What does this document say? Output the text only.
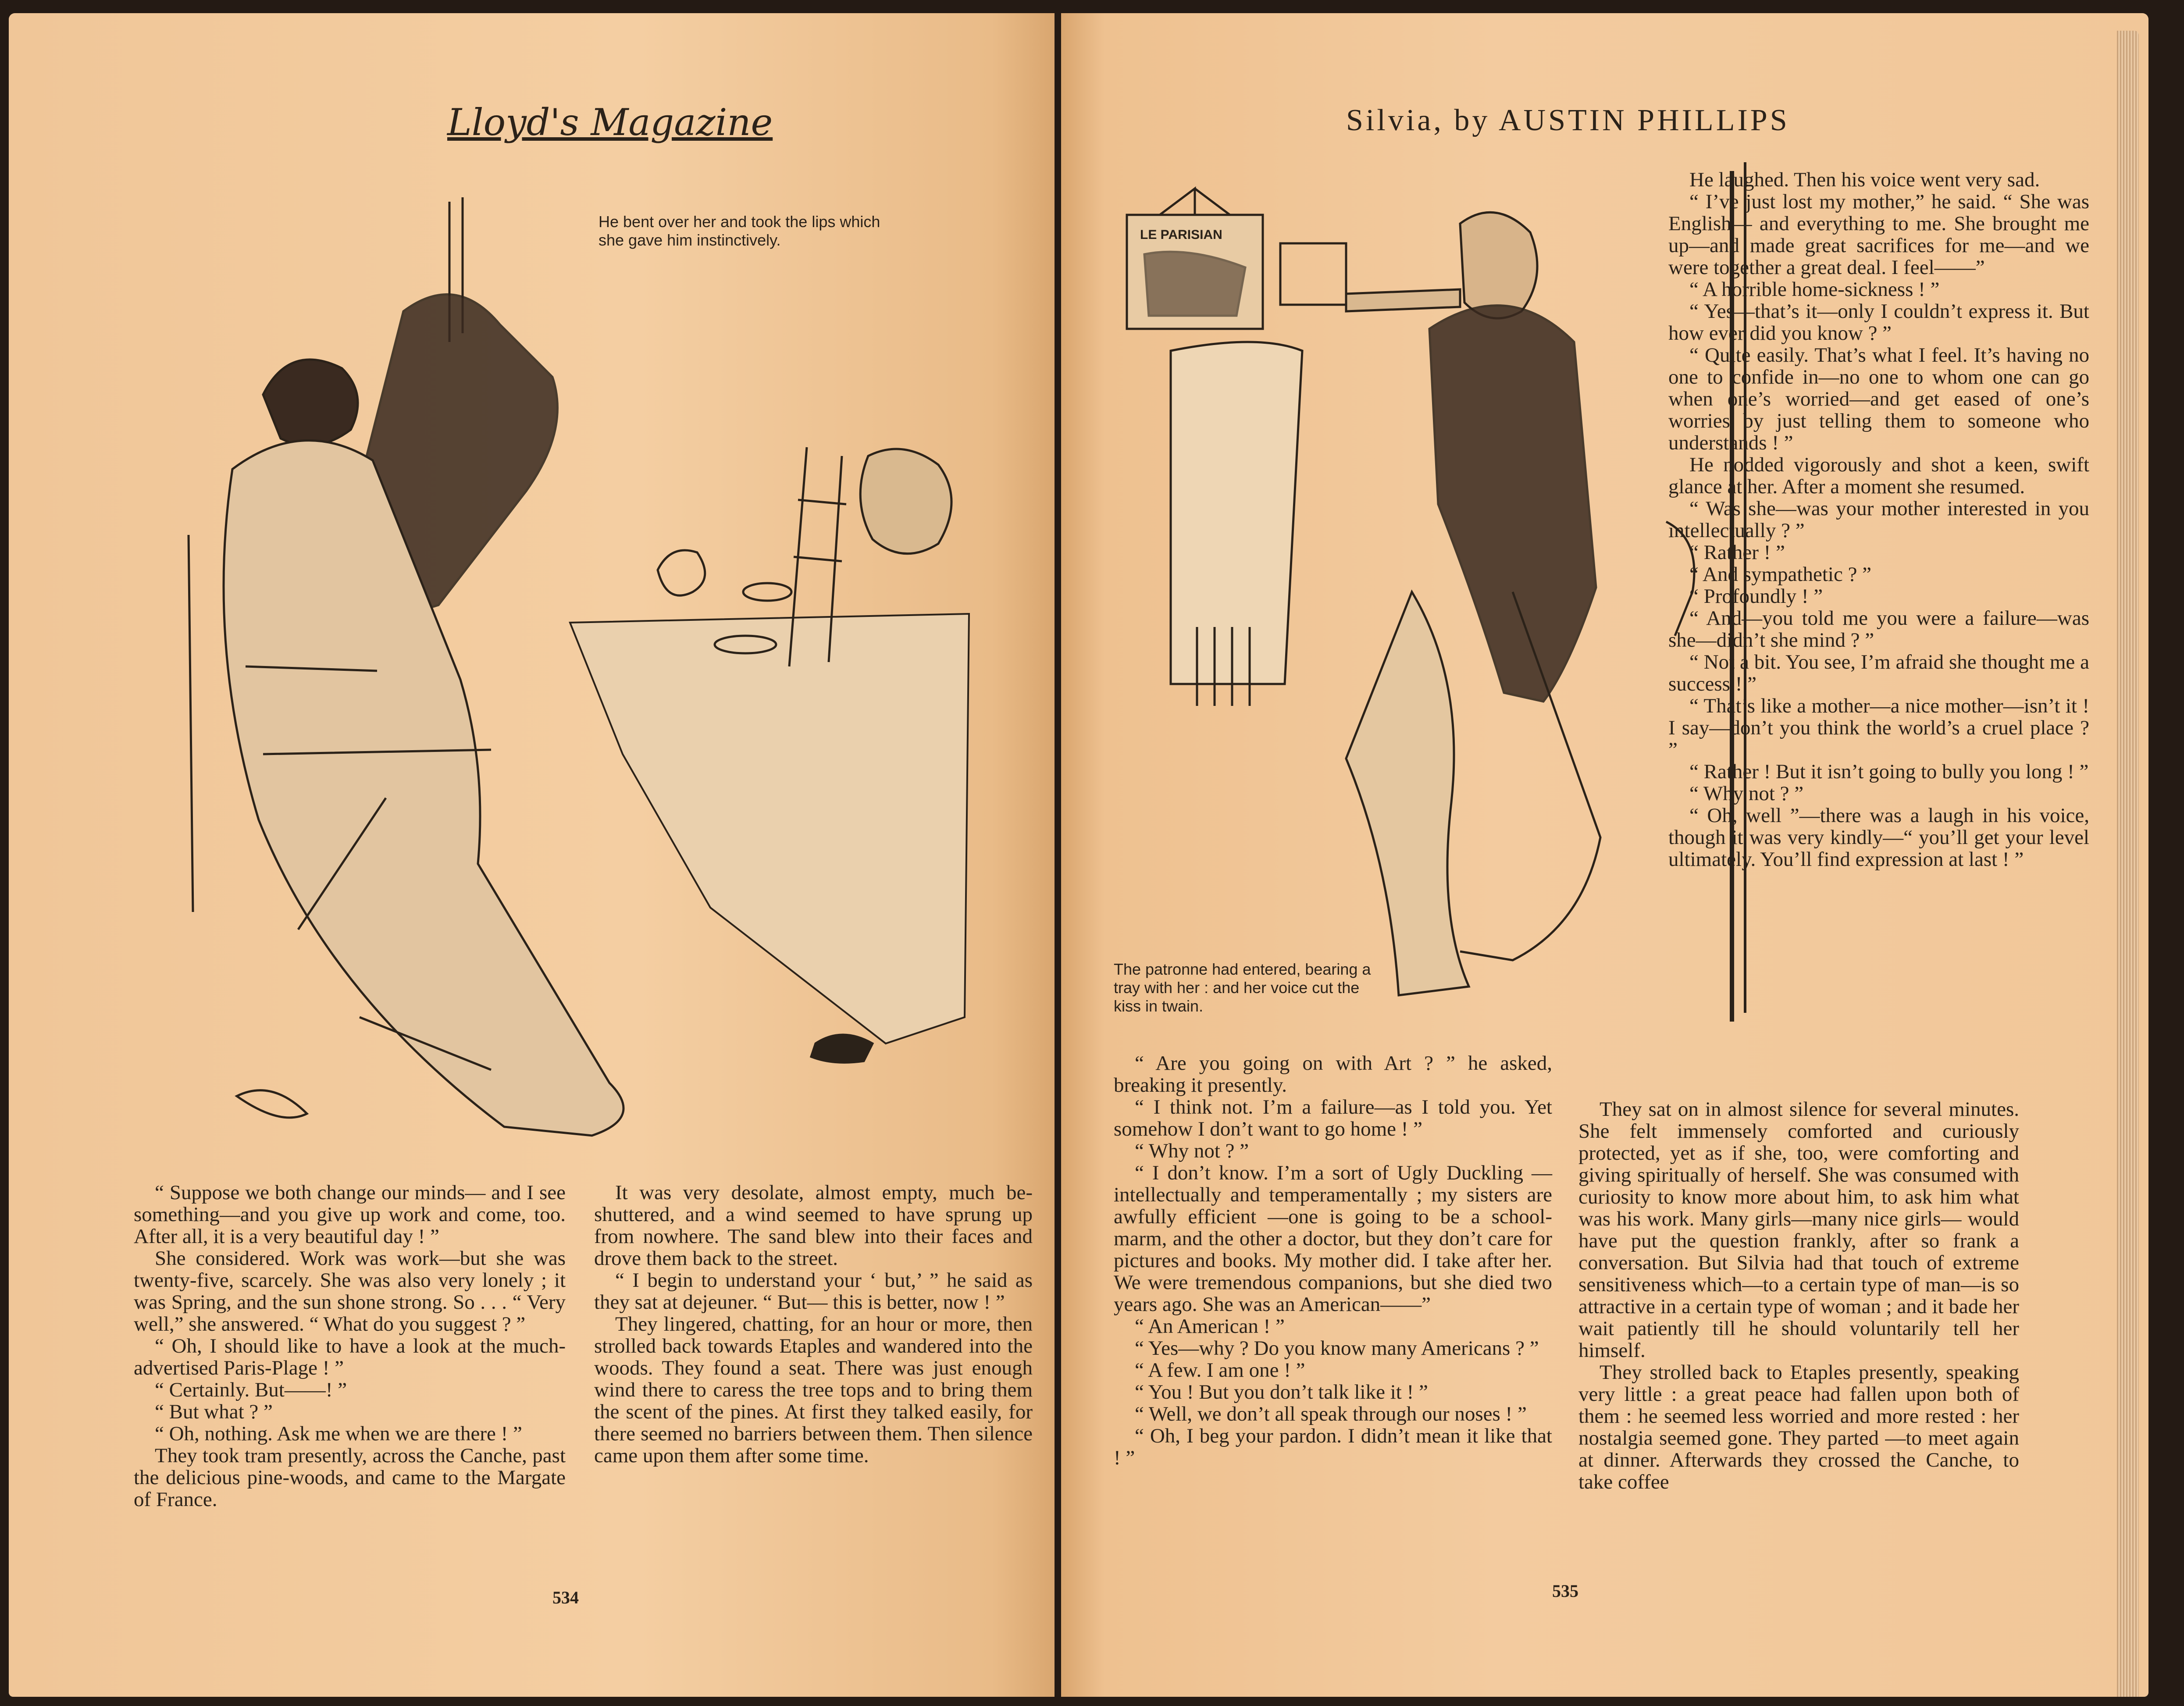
Lloyd's Magazine
He bent over her and took the lips which she gave him instinctively.

“ Suppose we both change our minds— and I see something—and you give up work and come, too. After all, it is a very beautiful day ! ”

She considered. Work was work—but she was twenty-five, scarcely. She was also very lonely ; it was Spring, and the sun shone strong. So . . . “ Very well,” she answered. “ What do you suggest ? ”

“ Oh, I should like to have a look at the much-advertised Paris-Plage ! ”

“ Certainly. But——! ”

“ But what ? ”

“ Oh, nothing. Ask me when we are there ! ”

They took tram presently, across the Canche, past the delicious pine-woods, and came to the Margate of France.

It was very desolate, almost empty, much be-shuttered, and a wind seemed to have sprung up from nowhere. The sand blew into their faces and drove them back to the street.

“ I begin to understand your ‘ but,’ ” he said as they sat at dejeuner. “ But— this is better, now ! ”

They lingered, chatting, for an hour or more, then strolled back towards Etaples and wandered into the woods. They found a seat. There was just enough wind there to caress the tree tops and to bring them the scent of the pines. At first they talked easily, for there seemed no barriers between them. Then silence came upon them after some time.

534
Silvia, by AUSTIN PHILLIPS
LE PARISIAN
The patronne had entered, bearing a tray with her : and her voice cut the kiss in twain.

He laughed. Then his voice went very sad.

“ I’ve just lost my mother,” he said. “ She was English— and everything to me. She brought me up—and made great sacrifices for me—and we were together a great deal. I feel——”

“ A horrible home-sickness ! ”

“ Yes—that’s it—only I couldn’t express it. But how ever did you know ? ”

“ Quite easily. That’s what I feel. It’s having no one to confide in—no one to whom one can go when one’s worried—and get eased of one’s worries by just telling them to someone who understands ! ”

He nodded vigorously and shot a keen, swift glance at her. After a moment she resumed.

“ Was she—was your mother interested in you intellectually ? ”

“ Rather ! ”

“ And sympathetic ? ”

“ Profoundly ! ”

“ And—you told me you were a failure—was she—didn’t she mind ? ”

“ Not a bit. You see, I’m afraid she thought me a success ! ”

“ That’s like a mother—a nice mother—isn’t it ! I say—don’t you think the world’s a cruel place ? ”

“ Rather ! But it isn’t going to bully you long ! ”

“ Why not ? ”

“ Oh, well ”—there was a laugh in his voice, though it was very kindly—“ you’ll get your level ultimately. You’ll find expression at last ! ”

“ Are you going on with Art ? ” he asked, breaking it presently.

“ I think not. I’m a failure—as I told you. Yet somehow I don’t want to go home ! ”

“ Why not ? ”

“ I don’t know. I’m a sort of Ugly Duckling — intellectually and temperamentally ; my sisters are awfully efficient —one is going to be a school-marm, and the other a doctor, but they don’t care for pictures and books. My mother did. I take after her. We were tremendous companions, but she died two years ago. She was an American——”

“ An American ! ”

“ Yes—why ? Do you know many Americans ? ”

“ A few. I am one ! ”

“ You ! But you don’t talk like it ! ”

“ Well, we don’t all speak through our noses ! ”

“ Oh, I beg your pardon. I didn’t mean it like that ! ”

They sat on in almost silence for several minutes. She felt immensely comforted and curiously protected, yet as if she, too, were comforting and giving spiritually of herself. She was consumed with curiosity to know more about him, to ask him what was his work. Many girls—many nice girls— would have put the question frankly, after so frank a conversation. But Silvia had that touch of extreme sensitiveness which—to a certain type of man—is so attractive in a certain type of woman ; and it bade her wait patiently till he should voluntarily tell her himself.

They strolled back to Etaples presently, speaking very little : a great peace had fallen upon both of them : he seemed less worried and more rested : her nostalgia seemed gone. They parted —to meet again at dinner. Afterwards they crossed the Canche, to take coffee

535
